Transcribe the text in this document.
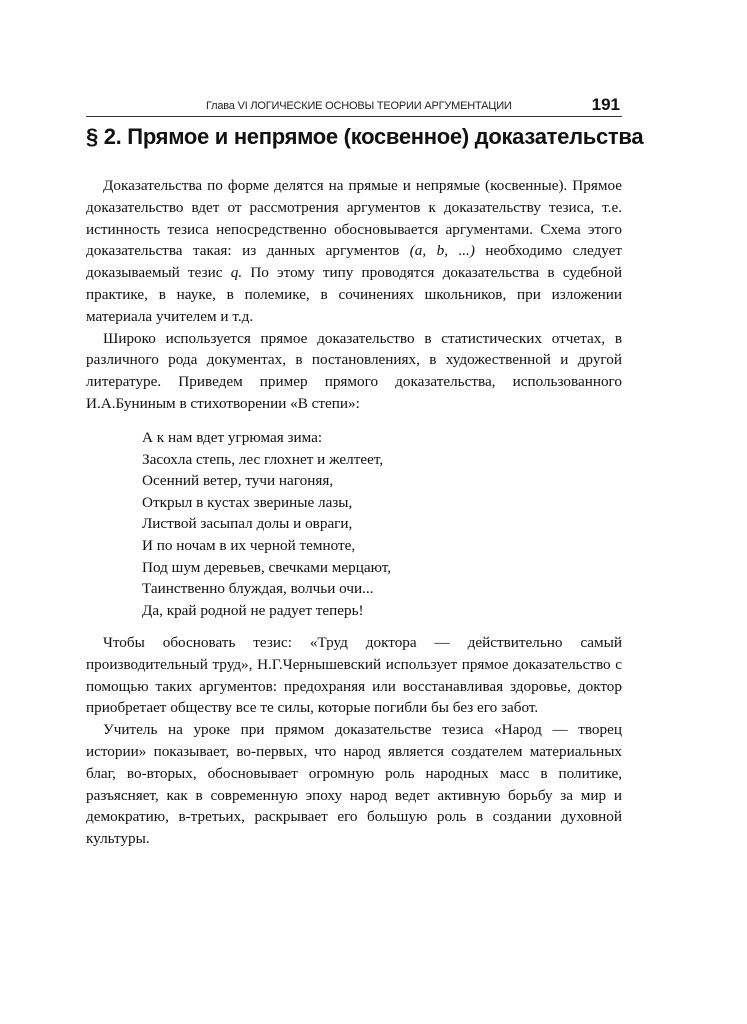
Глава VI ЛОГИЧЕСКИЕ ОСНОВЫ ТЕОРИИ АРГУМЕНТАЦИИ	191
§ 2. Прямое и непрямое (косвенное) доказательства

Доказательства по форме делятся на прямые и непрямые (косвенные). Прямое доказательство вдет от рассмотрения аргументов к доказательству тезиса, т.е. истинность тезиса непосредственно обосновывается аргументами. Схема этого доказательства такая: из данных аргументов (a, b, ...) необходимо следует доказываемый тезис q. По этому типу проводятся доказательства в судебной практике, в науке, в полемике, в сочинениях школьников, при изложении материала учителем и т.д.

Широко используется прямое доказательство в статистических отчетах, в различного рода документах, в постановлениях, в художественной и другой литературе. Приведем пример прямого доказательства, использованного И.А.Буниным в стихотворении «В степи»:

А к нам вдет угрюмая зима:
Засохла степь, лес глохнет и желтеет,
Осенний ветер, тучи нагоняя,
Открыл в кустах звериные лазы,
Листвой засыпал долы и овраги,
И по ночам в их черной темноте,
Под шум деревьев, свечками мерцают,
Таинственно блуждая, волчьи очи...
Да, край родной не радует теперь!

Чтобы обосновать тезис: «Труд доктора — действительно самый производительный труд», Н.Г.Чернышевский использует прямое доказательство с помощью таких аргументов: предохраняя или восстанавливая здоровье, доктор приобретает обществу все те силы, которые погибли бы без его забот.

Учитель на уроке при прямом доказательстве тезиса «Народ — творец истории» показывает, во-первых, что народ является создателем материальных благ, во-вторых, обосновывает огромную роль народных масс в политике, разъясняет, как в современную эпоху народ ведет активную борьбу за мир и демократию, в-третьих, раскрывает его большую роль в создании духовной культуры.
